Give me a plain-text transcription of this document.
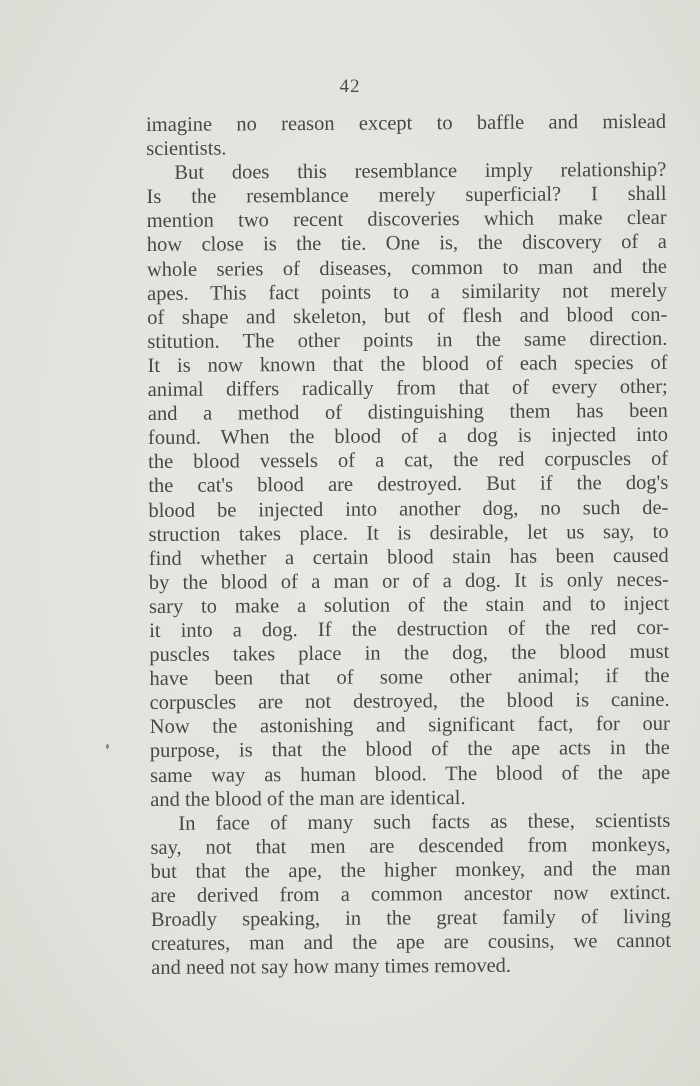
42
imagine no reason except to baffle and mislead
scientists.
But does this resemblance imply relationship?
Is the resemblance merely superficial? I shall
mention two recent discoveries which make clear
how close is the tie. One is, the discovery of a
whole series of diseases, common to man and the
apes. This fact points to a similarity not merely
of shape and skeleton, but of flesh and blood con-
stitution. The other points in the same direction.
It is now known that the blood of each species of
animal differs radically from that of every other;
and a method of distinguishing them has been
found. When the blood of a dog is injected into
the blood vessels of a cat, the red corpuscles of
the cat's blood are destroyed. But if the dog's
blood be injected into another dog, no such de-
struction takes place. It is desirable, let us say, to
find whether a certain blood stain has been caused
by the blood of a man or of a dog. It is only neces-
sary to make a solution of the stain and to inject
it into a dog. If the destruction of the red cor-
puscles takes place in the dog, the blood must
have been that of some other animal; if the
corpuscles are not destroyed, the blood is canine.
Now the astonishing and significant fact, for our
purpose, is that the blood of the ape acts in the
same way as human blood. The blood of the ape
and the blood of the man are identical.
In face of many such facts as these, scientists
say, not that men are descended from monkeys,
but that the ape, the higher monkey, and the man
are derived from a common ancestor now extinct.
Broadly speaking, in the great family of living
creatures, man and the ape are cousins, we cannot
and need not say how many times removed.
